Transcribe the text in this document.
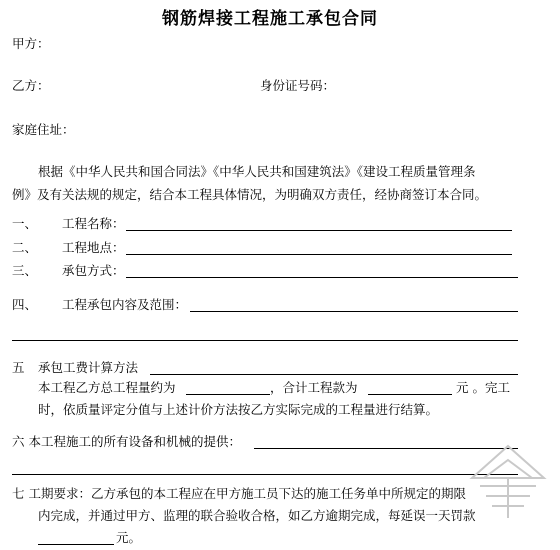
钢筋焊接工程施工承包合同
甲方：
乙方：	身份证号码：
家庭住址：
根据《中华人民共和国合同法》《中华人民共和国建筑法》《建设工程质量管理条
例》及有关法规的规定，结合本工程具体情况，为明确双方责任，经协商签订本合同。
一、 工程名称：
二、 工程地点：
三、 承包方式：
四、 工程承包内容及范围：
五 承包工费计算方法
本工程乙方总工程量约为	，合计工程款为	元 。完工
时，依质量评定分值与上述计价方法按乙方实际完成的工程量进行结算。
六 本工程施工的所有设备和机械的提供：
七 工期要求：乙方承包的本工程应在甲方施工员下达的施工任务单中所规定的期限
内完成，并通过甲方、监理的联合验收合格，如乙方逾期完成，每延误一天罚款
元。
